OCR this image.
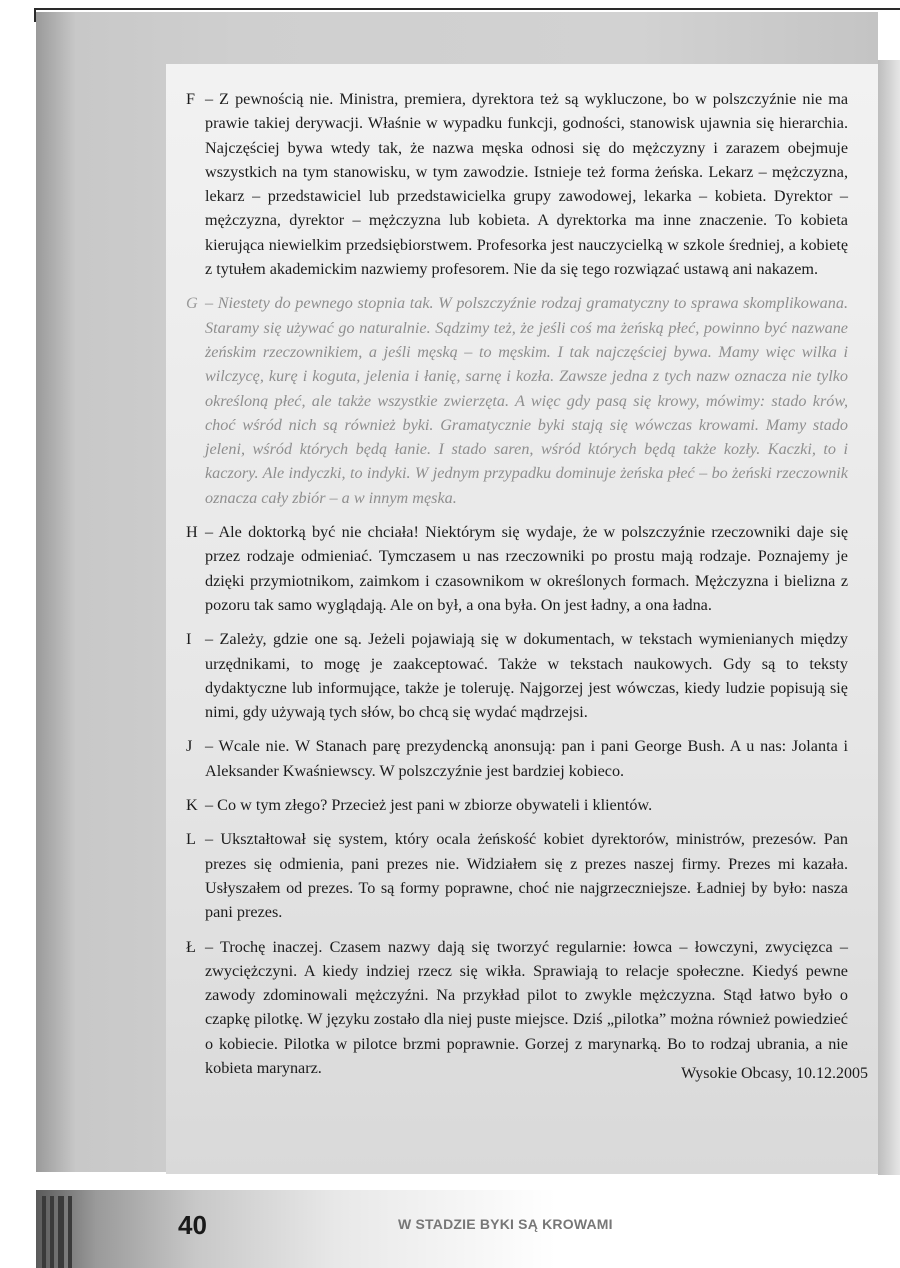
F – Z pewnością nie. Ministra, premiera, dyrektora też są wykluczone, bo w polszczyźnie nie ma prawie takiej derywacji. Właśnie w wypadku funkcji, godności, stanowisk ujawnia się hierarchia. Najczęściej bywa wtedy tak, że nazwa męska odnosi się do mężczyzny i zarazem obejmuje wszystkich na tym stanowisku, w tym zawodzie. Istnieje też forma żeńska. Lekarz – mężczyzna, lekarz – przedstawiciel lub przedstawicielka grupy zawodowej, lekarka – kobieta. Dyrektor – mężczyzna, dyrektor – mężczyzna lub kobieta. A dyrektorka ma inne znaczenie. To kobieta kierująca niewielkim przedsiębiorstwem. Profesorka jest nauczycielką w szkole średniej, a kobietę z tytułem akademickim nazwiemy profesorem. Nie da się tego rozwiązać ustawą ani nakazem.
G – Niestety do pewnego stopnia tak. W polszczyźnie rodzaj gramatyczny to sprawa skomplikowana. Staramy się używać go naturalnie. Sądzimy też, że jeśli coś ma żeńską płeć, powinno być nazwane żeńskim rzeczownikiem, a jeśli męską – to męskim. I tak najczęściej bywa. Mamy więc wilka i wilczycę, kurę i koguta, jelenia i łanię, sarnę i kozła. Zawsze jedna z tych nazw oznacza nie tylko określoną płeć, ale także wszystkie zwierzęta. A więc gdy pasą się krowy, mówimy: stado krów, choć wśród nich są również byki. Gramatycznie byki stają się wówczas krowami. Mamy stado jeleni, wśród których będą łanie. I stado saren, wśród których będą także kozły. Kaczki, to i kaczory. Ale indyczki, to indyki. W jednym przypadku dominuje żeńska płeć – bo żeński rzeczownik oznacza cały zbiór – a w innym męska.
H – Ale doktorką być nie chciała! Niektórym się wydaje, że w polszczyźnie rzeczowniki daje się przez rodzaje odmieniać. Tymczasem u nas rzeczowniki po prostu mają rodzaje. Poznajemy je dzięki przymiotnikom, zaimkom i czasownikom w określonych formach. Mężczyzna i bielizna z pozoru tak samo wyglądają. Ale on był, a ona była. On jest ładny, a ona ładna.
I – Zależy, gdzie one są. Jeżeli pojawiają się w dokumentach, w tekstach wymienianych między urzędnikami, to mogę je zaakceptować. Także w tekstach naukowych. Gdy są to teksty dydaktyczne lub informujące, także je toleruję. Najgorzej jest wówczas, kiedy ludzie popisują się nimi, gdy używają tych słów, bo chcą się wydać mądrzejsi.
J – Wcale nie. W Stanach parę prezydencką anonsują: pan i pani George Bush. A u nas: Jolanta i Aleksander Kwaśniewscy. W polszczyźnie jest bardziej kobieco.
K – Co w tym złego? Przecież jest pani w zbiorze obywateli i klientów.
L – Ukształtował się system, który ocala żeńskość kobiet dyrektorów, ministrów, prezesów. Pan prezes się odmienia, pani prezes nie. Widziałem się z prezes naszej firmy. Prezes mi kazała. Usłyszałem od prezes. To są formy poprawne, choć nie najgrzeczniejsze. Ładniej by było: nasza pani prezes.
Ł – Trochę inaczej. Czasem nazwy dają się tworzyć regularnie: łowca – łowczyni, zwycięzca – zwyciężczyni. A kiedy indziej rzecz się wikła. Sprawiają to relacje społeczne. Kiedyś pewne zawody zdominowali mężczyźni. Na przykład pilot to zwykle mężczyzna. Stąd łatwo było o czapkę pilotkę. W języku zostało dla niej puste miejsce. Dziś „pilotka” można również powiedzieć o kobiecie. Pilotka w pilotce brzmi poprawnie. Gorzej z marynarką. Bo to rodzaj ubrania, a nie kobieta marynarz.	Wysokie Obcasy, 10.12.2005
40	W STADZIE BYKI SĄ KROWAMI
